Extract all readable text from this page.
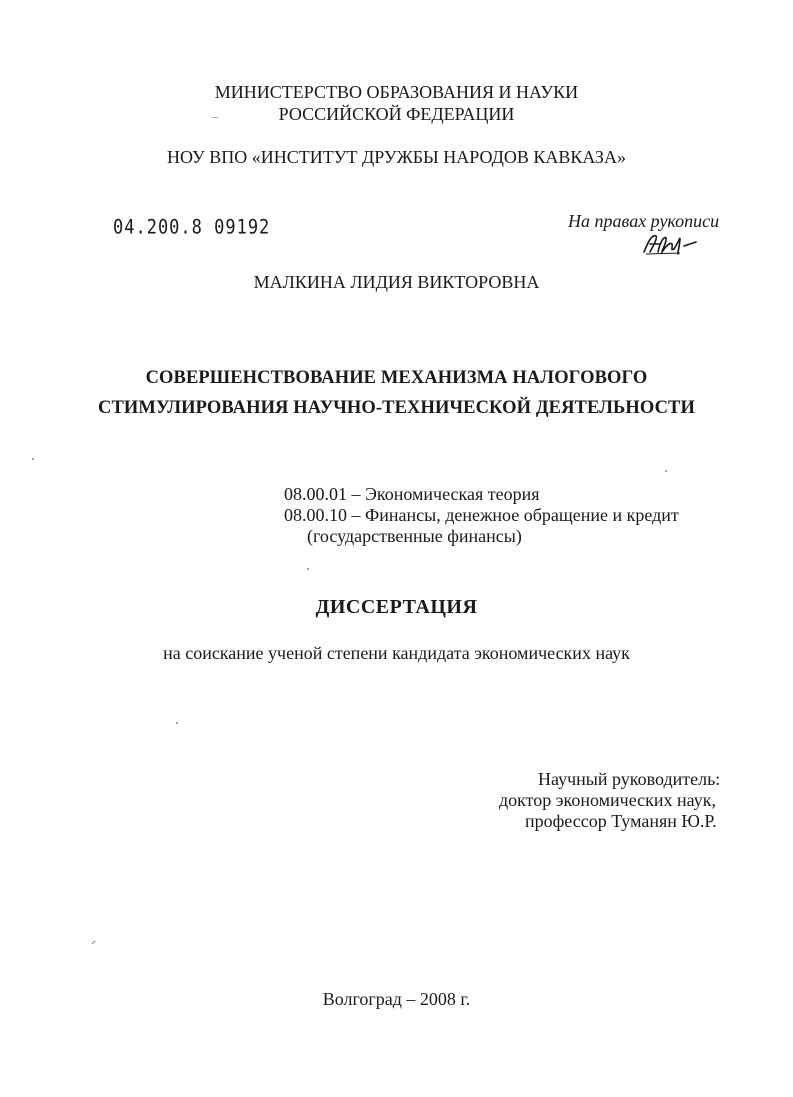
МИНИСТЕРСТВО ОБРАЗОВАНИЯ И НАУКИ
РОССИЙСКОЙ ФЕДЕРАЦИИ
НОУ ВПО «ИНСТИТУТ ДРУЖБЫ НАРОДОВ КАВКАЗА»
04.200.8 09192	На правах рукописи
МАЛКИНА ЛИДИЯ ВИКТОРОВНА
СОВЕРШЕНСТВОВАНИЕ МЕХАНИЗМА НАЛОГОВОГО
СТИМУЛИРОВАНИЯ НАУЧНО-ТЕХНИЧЕСКОЙ ДЕЯТЕЛЬНОСТИ
08.00.01 – Экономическая теория
08.00.10 – Финансы, денежное обращение и кредит
(государственные финансы)
ДИССЕРТАЦИЯ
на соискание ученой степени кандидата экономических наук
Научный руководитель:
доктор экономических наук,
профессор Туманян Ю.Р.
Волгоград – 2008 г.
